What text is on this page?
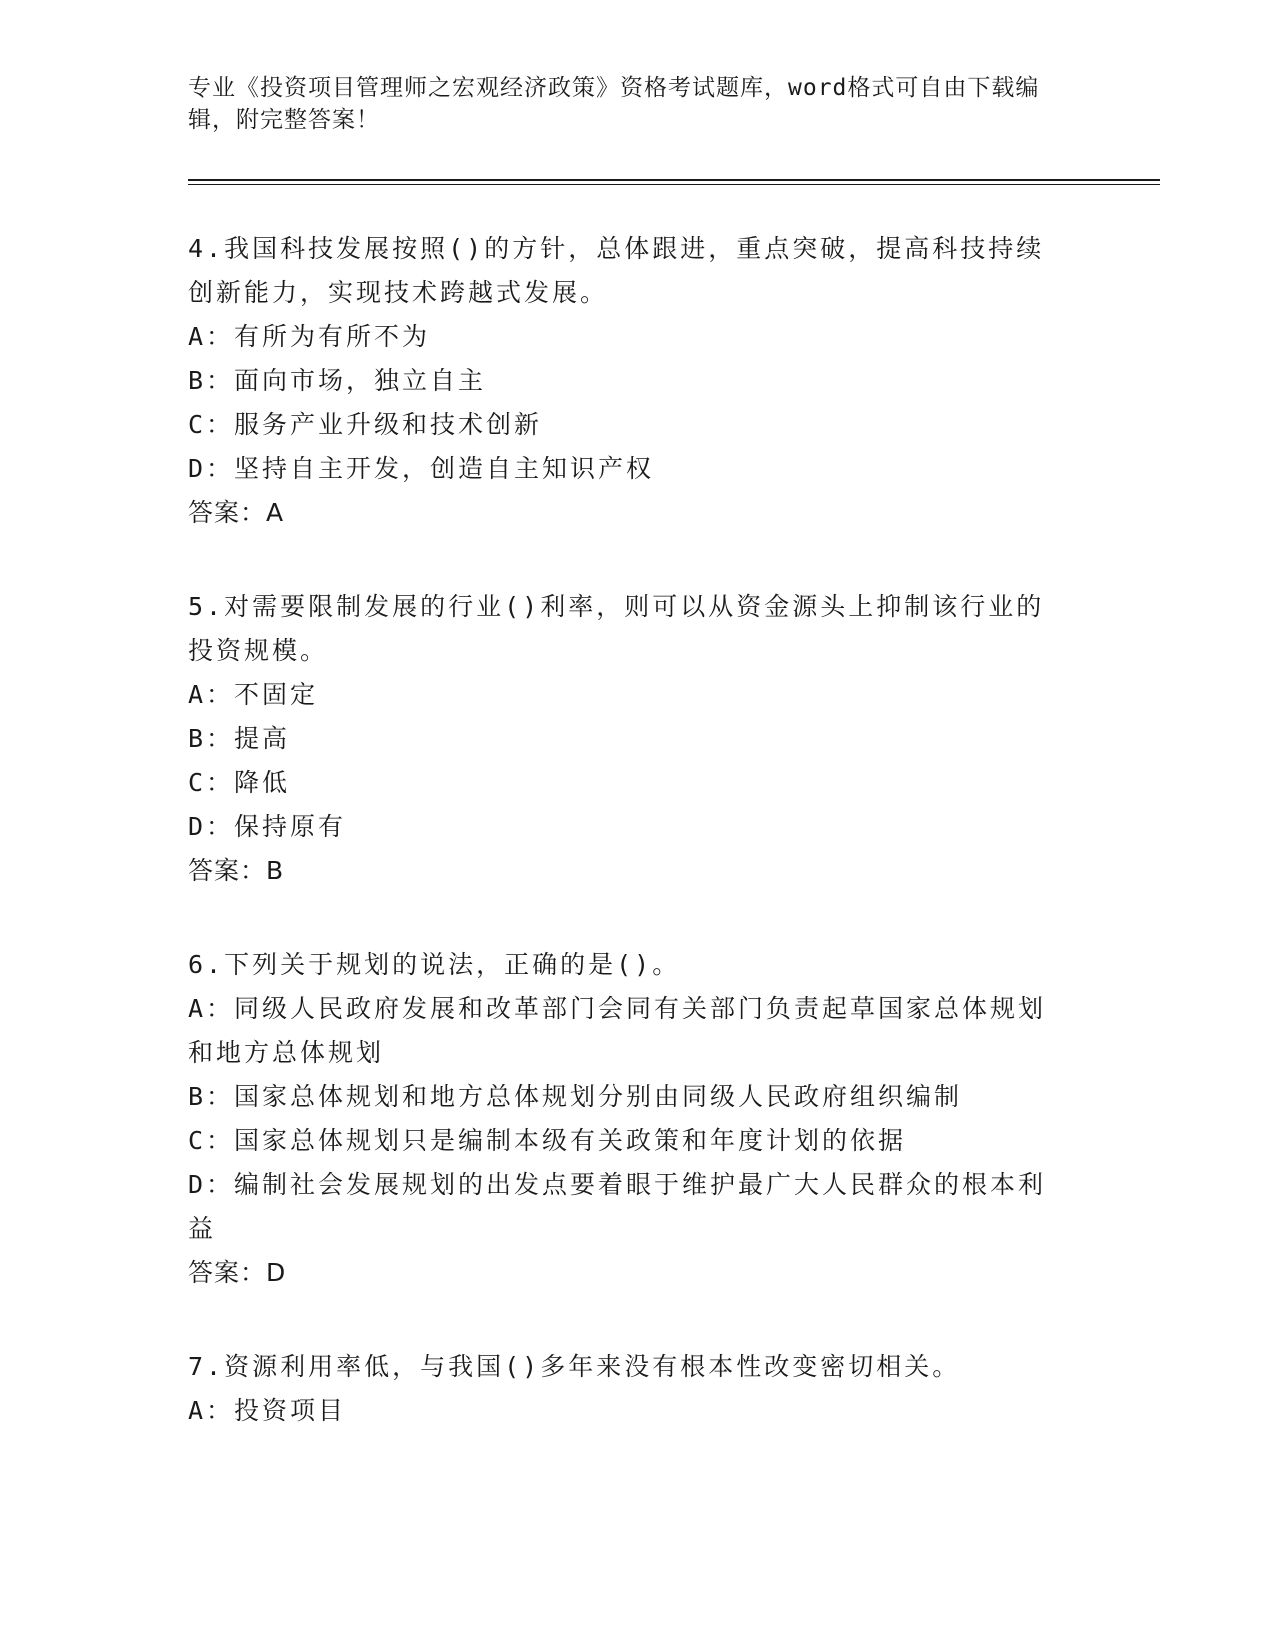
专业《投资项目管理师之宏观经济政策》资格考试题库，word格式可自由下载编
辑，附完整答案！
4.我国科技发展按照()的方针，总体跟进，重点突破，提高科技持续
创新能力，实现技术跨越式发展。
A：有所为有所不为
B：面向市场，独立自主
C：服务产业升级和技术创新
D：坚持自主开发，创造自主知识产权
答案：A
5.对需要限制发展的行业()利率，则可以从资金源头上抑制该行业的
投资规模。
A：不固定
B：提高
C：降低
D：保持原有
答案：B
6.下列关于规划的说法，正确的是()。
A：同级人民政府发展和改革部门会同有关部门负责起草国家总体规划
和地方总体规划
B：国家总体规划和地方总体规划分别由同级人民政府组织编制
C：国家总体规划只是编制本级有关政策和年度计划的依据
D：编制社会发展规划的出发点要着眼于维护最广大人民群众的根本利
益
答案：D
7.资源利用率低，与我国()多年来没有根本性改变密切相关。
A：投资项目
